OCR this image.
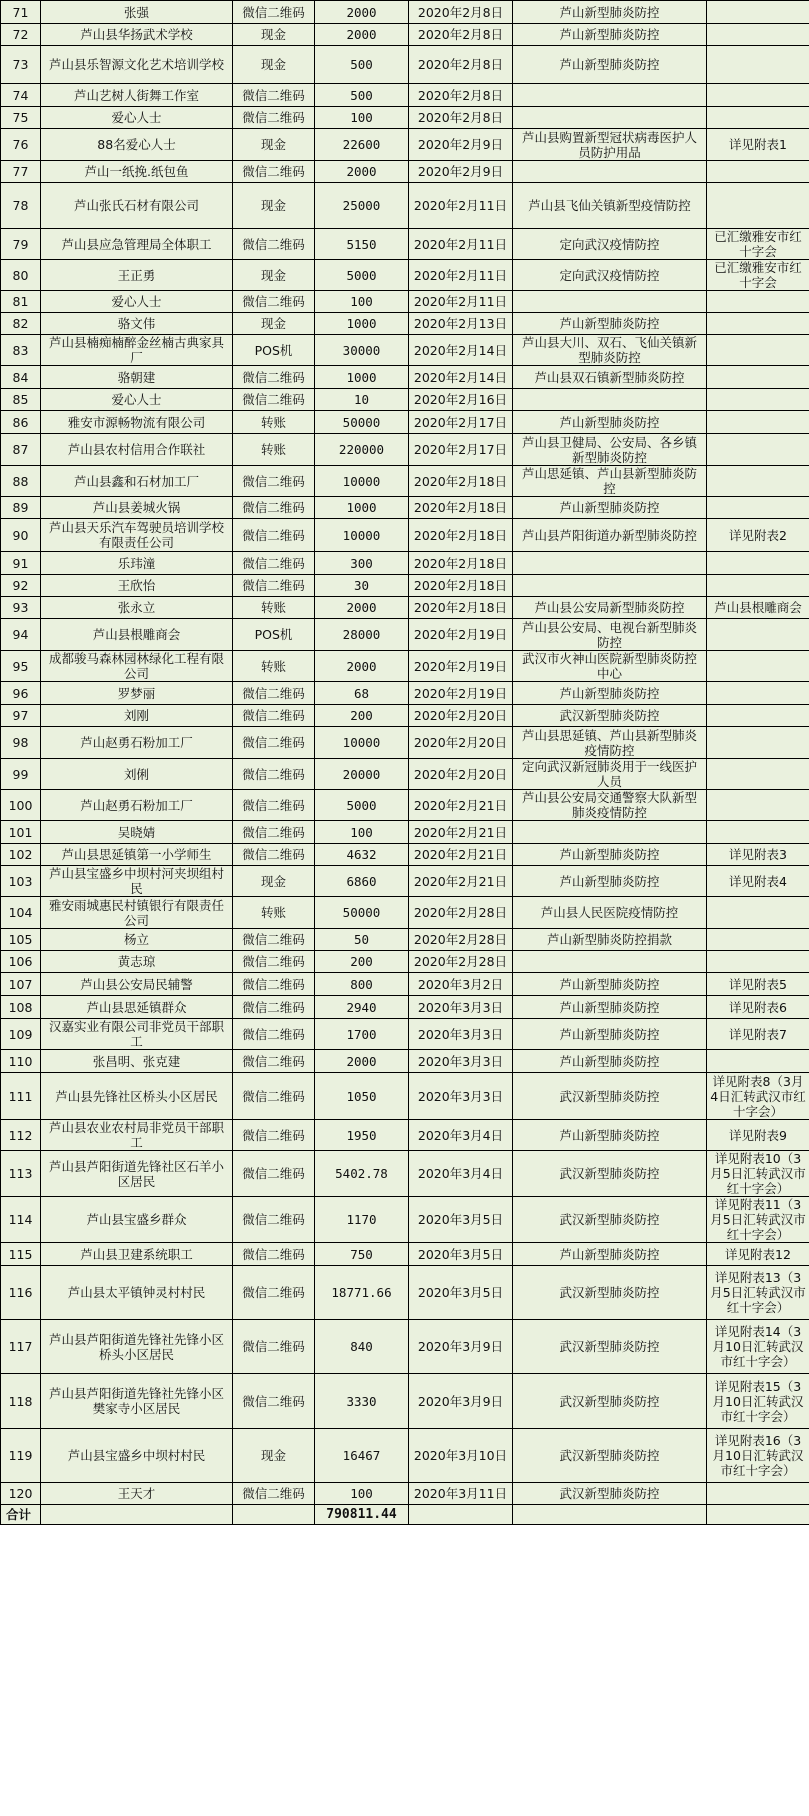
71	张强	微信二维码	2000	2020年2月8日	芦山新型肺炎防控	
72	芦山县华扬武术学校	现金	2000	2020年2月8日	芦山新型肺炎防控	
73	芦山县乐智源文化艺术培训学校	现金	500	2020年2月8日	芦山新型肺炎防控	
74	芦山艺树人街舞工作室	微信二维码	500	2020年2月8日		
75	爱心人士	微信二维码	100	2020年2月8日		
76	88名爱心人士	现金	22600	2020年2月9日	芦山县购置新型冠状病毒医护人员防护用品	详见附表1
77	芦山一纸挽.纸包鱼	微信二维码	2000	2020年2月9日		
78	芦山张氏石材有限公司	现金	25000	2020年2月11日	芦山县飞仙关镇新型疫情防控	
79	芦山县应急管理局全体职工	微信二维码	5150	2020年2月11日	定向武汉疫情防控	已汇缴雅安市红十字会
80	王正勇	现金	5000	2020年2月11日	定向武汉疫情防控	已汇缴雅安市红十字会
81	爱心人士	微信二维码	100	2020年2月11日		
82	骆文伟	现金	1000	2020年2月13日	芦山新型肺炎防控	
83	芦山县楠痴楠醉金丝楠古典家具厂	POS机	30000	2020年2月14日	芦山县大川、双石、飞仙关镇新型肺炎防控	
84	骆朝建	微信二维码	1000	2020年2月14日	芦山县双石镇新型肺炎防控	
85	爱心人士	微信二维码	10	2020年2月16日		
86	雅安市源畅物流有限公司	转账	50000	2020年2月17日	芦山新型肺炎防控	
87	芦山县农村信用合作联社	转账	220000	2020年2月17日	芦山县卫健局、公安局、各乡镇新型肺炎防控	
88	芦山县鑫和石材加工厂	微信二维码	10000	2020年2月18日	芦山思延镇、芦山县新型肺炎防控	
89	芦山县姜城火锅	微信二维码	1000	2020年2月18日	芦山新型肺炎防控	
90	芦山县天乐汽车驾驶员培训学校有限责任公司	微信二维码	10000	2020年2月18日	芦山县芦阳街道办新型肺炎防控	详见附表2
91	乐玮潼	微信二维码	300	2020年2月18日		
92	王欣怡	微信二维码	30	2020年2月18日		
93	张永立	转账	2000	2020年2月18日	芦山县公安局新型肺炎防控	芦山县根雕商会
94	芦山县根雕商会	POS机	28000	2020年2月19日	芦山县公安局、电视台新型肺炎防控	
95	成都骏马森林园林绿化工程有限公司	转账	2000	2020年2月19日	武汉市火神山医院新型肺炎防控中心	
96	罗梦丽	微信二维码	68	2020年2月19日	芦山新型肺炎防控	
97	刘刚	微信二维码	200	2020年2月20日	武汉新型肺炎防控	
98	芦山赵勇石粉加工厂	微信二维码	10000	2020年2月20日	芦山县思延镇、芦山县新型肺炎疫情防控	
99	刘俐	微信二维码	20000	2020年2月20日	定向武汉新冠肺炎用于一线医护人员	
100	芦山赵勇石粉加工厂	微信二维码	5000	2020年2月21日	芦山县公安局交通警察大队新型肺炎疫情防控	
101	吴晓婧	微信二维码	100	2020年2月21日		
102	芦山县思延镇第一小学师生	微信二维码	4632	2020年2月21日	芦山新型肺炎防控	详见附表3
103	芦山县宝盛乡中坝村河夹坝组村民	现金	6860	2020年2月21日	芦山新型肺炎防控	详见附表4
104	雅安雨城惠民村镇银行有限责任公司	转账	50000	2020年2月28日	芦山县人民医院疫情防控	
105	杨立	微信二维码	50	2020年2月28日	芦山新型肺炎防控捐款	
106	黄志琼	微信二维码	200	2020年2月28日		
107	芦山县公安局民辅警	微信二维码	800	2020年3月2日	芦山新型肺炎防控	详见附表5
108	芦山县思延镇群众	微信二维码	2940	2020年3月3日	芦山新型肺炎防控	详见附表6
109	汉嘉实业有限公司非党员干部职工	微信二维码	1700	2020年3月3日	芦山新型肺炎防控	详见附表7
110	张昌明、张克建	微信二维码	2000	2020年3月3日	芦山新型肺炎防控	
111	芦山县先锋社区桥头小区居民	微信二维码	1050	2020年3月3日	武汉新型肺炎防控	详见附表8（3月4日汇转武汉市红十字会）
112	芦山县农业农村局非党员干部职工	微信二维码	1950	2020年3月4日	芦山新型肺炎防控	详见附表9
113	芦山县芦阳街道先锋社区石羊小区居民	微信二维码	5402.78	2020年3月4日	武汉新型肺炎防控	详见附表10（3月5日汇转武汉市红十字会）
114	芦山县宝盛乡群众	微信二维码	1170	2020年3月5日	武汉新型肺炎防控	详见附表11（3月5日汇转武汉市红十字会）
115	芦山县卫建系统职工	微信二维码	750	2020年3月5日	芦山新型肺炎防控	详见附表12
116	芦山县太平镇钟灵村村民	微信二维码	18771.66	2020年3月5日	武汉新型肺炎防控	详见附表13（3月5日汇转武汉市红十字会）
117	芦山县芦阳街道先锋社先锋小区桥头小区居民	微信二维码	840	2020年3月9日	武汉新型肺炎防控	详见附表14（3月10日汇转武汉市红十字会）
118	芦山县芦阳街道先锋社先锋小区樊家寺小区居民	微信二维码	3330	2020年3月9日	武汉新型肺炎防控	详见附表15（3月10日汇转武汉市红十字会）
119	芦山县宝盛乡中坝村村民	现金	16467	2020年3月10日	武汉新型肺炎防控	详见附表16（3月10日汇转武汉市红十字会）
120	王天才	微信二维码	100	2020年3月11日	武汉新型肺炎防控	
合计			790811.44			
